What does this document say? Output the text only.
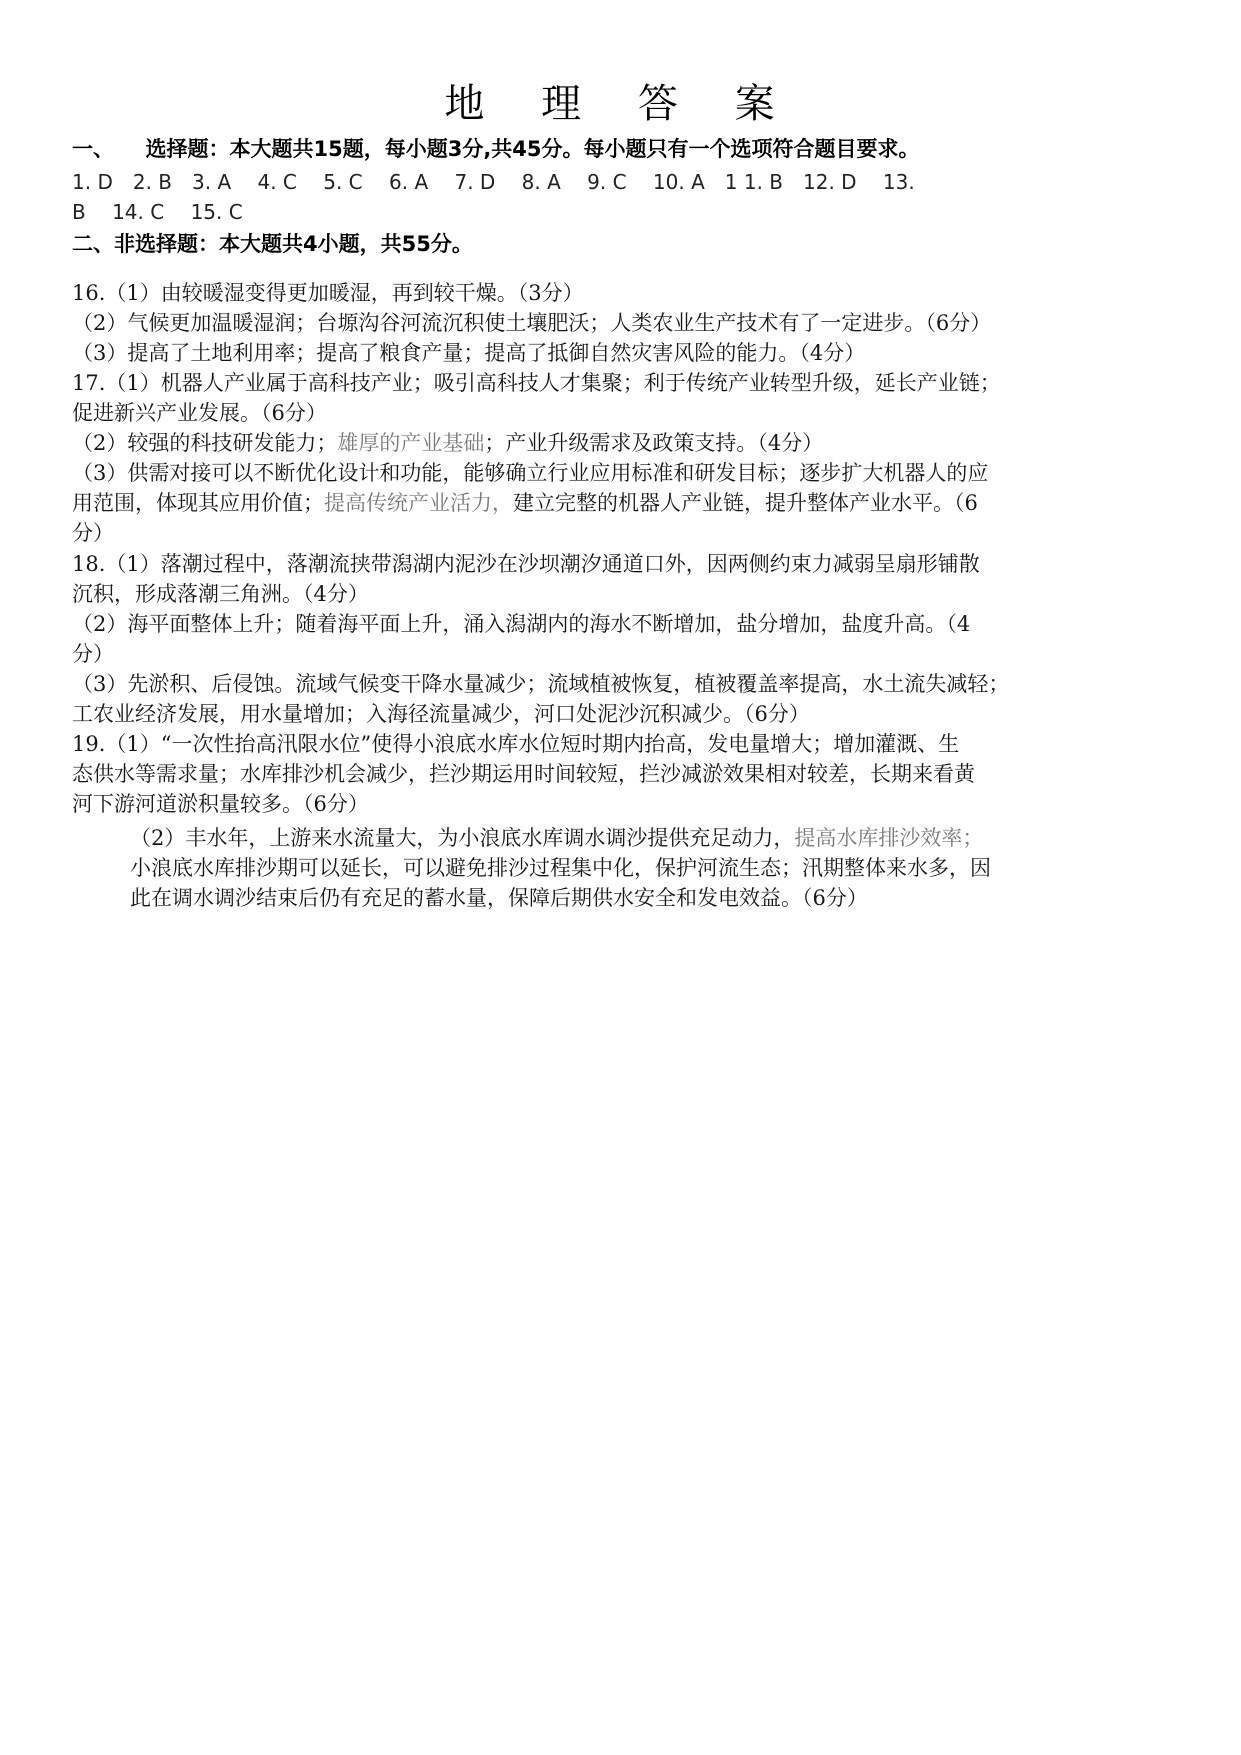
地 理 答 案
一、　　选择题：本大题共15题，每小题3分,共45分。每小题只有一个选项符合题目要求。
1. D　2. B　3. A　 4. C　 5. C　 6. A　 7. D　 8. A　 9. C　 10. A　1 1. B　12. D　 13.
B　 14. C　 15. C
二、非选择题：本大题共4小题，共55分。
16.（1）由较暖湿变得更加暖湿，再到较干燥。（3分）
（2）气候更加温暖湿润；台塬沟谷河流沉积使土壤肥沃；人类农业生产技术有了一定进步。（6分）
（3）提高了土地利用率；提高了粮食产量；提高了抵御自然灾害风险的能力。（4分）
17.（1）机器人产业属于高科技产业；吸引高科技人才集聚；利于传统产业转型升级，延长产业链；
促进新兴产业发展。（6分）
（2）较强的科技研发能力；雄厚的产业基础；产业升级需求及政策支持。（4分）
（3）供需对接可以不断优化设计和功能，能够确立行业应用标准和研发目标；逐步扩大机器人的应
用范围，体现其应用价值；提高传统产业活力，建立完整的机器人产业链，提升整体产业水平。（6
分）
18.（1）落潮过程中，落潮流挟带潟湖内泥沙在沙坝潮汐通道口外，因两侧约束力减弱呈扇形铺散
沉积，形成落潮三角洲。（4分）
（2）海平面整体上升；随着海平面上升，涌入潟湖内的海水不断增加，盐分增加，盐度升高。（4
分）
（3）先淤积、后侵蚀。流域气候变干降水量减少；流域植被恢复，植被覆盖率提高，水土流失减轻；
工农业经济发展，用水量增加；入海径流量减少，河口处泥沙沉积减少。（6分）
19.（1）“一次性抬高汛限水位”使得小浪底水库水位短时期内抬高，发电量增大；增加灌溉、生
态供水等需求量；水库排沙机会减少，拦沙期运用时间较短，拦沙减淤效果相对较差，长期来看黄
河下游河道淤积量较多。（6分）
（2）丰水年，上游来水流量大，为小浪底水库调水调沙提供充足动力，提高水库排沙效率；
小浪底水库排沙期可以延长，可以避免排沙过程集中化，保护河流生态；汛期整体来水多，因
此在调水调沙结束后仍有充足的蓄水量，保障后期供水安全和发电效益。（6分）
